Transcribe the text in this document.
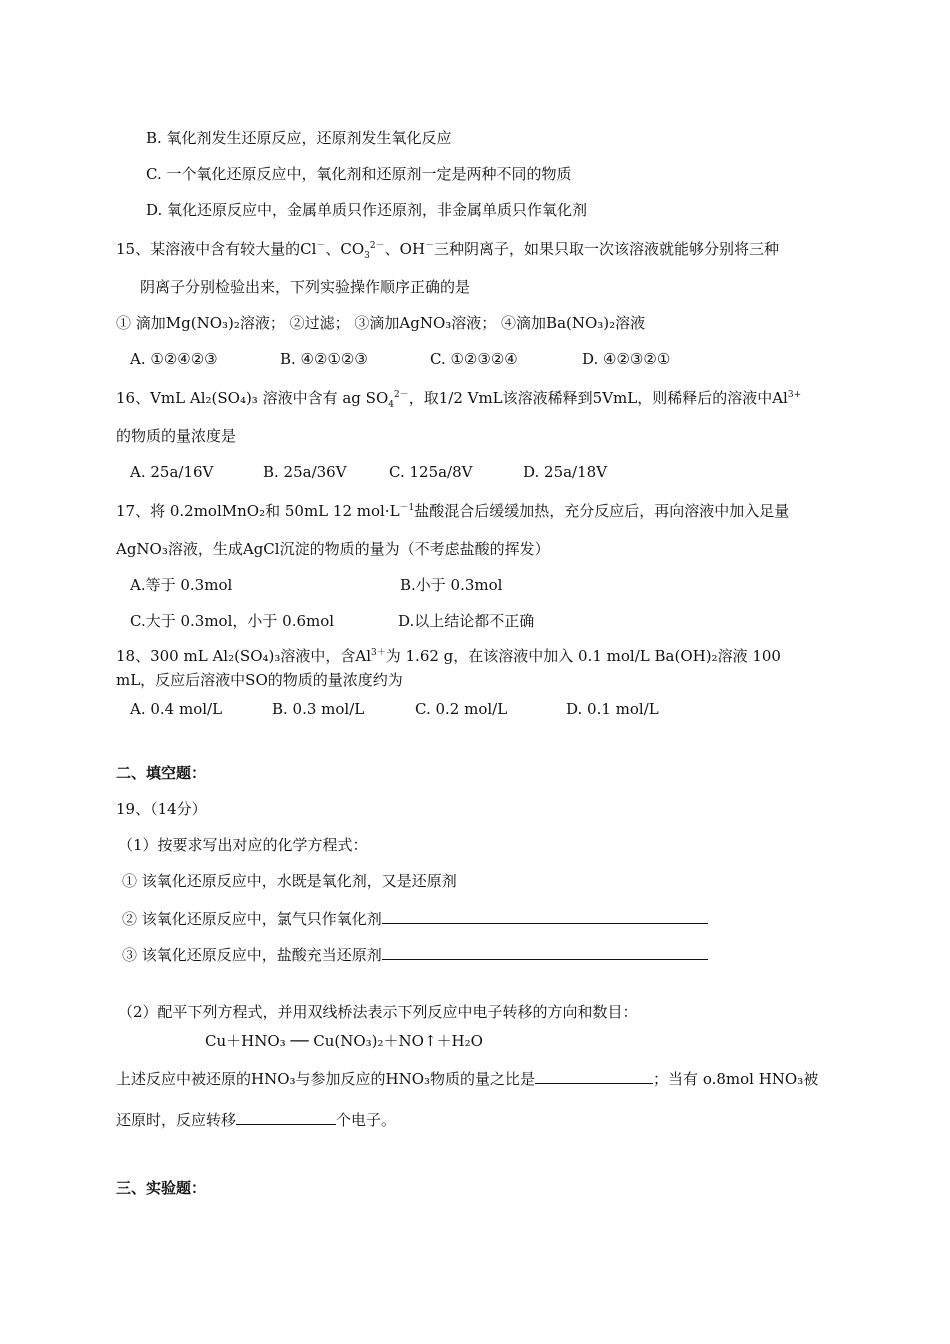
B. 氧化剂发生还原反应，还原剂发生氧化反应
C. 一个氧化还原反应中，氧化剂和还原剂一定是两种不同的物质
D. 氧化还原反应中，金属单质只作还原剂，非金属单质只作氧化剂
15、某溶液中含有较大量的Cl－、$CO_3^{2-}$、OH－三种阴离子，如果只取一次该溶液就能够分别将三种
阴离子分别检验出来，下列实验操作顺序正确的是
① 滴加Mg(NO₃)₂溶液； ②过滤； ③滴加AgNO₃溶液； ④滴加Ba(NO₃)₂溶液
A. ①②④②③	B. ④②①②③	C. ①②③②④	D. ④②③②①
16、VmL Al₂(SO₄)₃ 溶液中含有 ag $SO_4^{2-}$，取1/2 VmL该溶液稀释到5VmL，则稀释后的溶液中$Al^{3+}$
的物质的量浓度是
A. 25a/16V	B. 25a/36V	C. 125a/8V	D. 25a/18V
17、将 0.2molMnO₂和 50mL 12 $mol\cdot L^{-1}$盐酸混合后缓缓加热，充分反应后，再向溶液中加入足量
AgNO₃溶液，生成AgCl沉淀的物质的量为（不考虑盐酸的挥发）
A.等于 0.3mol	B.小于 0.3mol
C.大于 0.3mol，小于 0.6mol	D.以上结论都不正确
18、300 mL Al₂(SO₄)₃溶液中，含$Al^{3+}$为 1.62 g，在该溶液中加入 0.1 mol/L Ba(OH)₂溶液 100
mL，反应后溶液中SO的物质的量浓度约为
A. 0.4 mol/L	B. 0.3 mol/L	C. 0.2 mol/L	D. 0.1 mol/L
二、填空题：
19、（14分）
（1）按要求写出对应的化学方程式：
① 该氧化还原反应中，水既是氧化剂，又是还原剂
② 该氧化还原反应中，氯气只作氧化剂
③ 该氧化还原反应中，盐酸充当还原剂
（2）配平下列方程式，并用双线桥法表示下列反应中电子转移的方向和数目：
Cu＋HNO₃ ── Cu(NO₃)₂＋NO↑＋H₂O
上述反应中被还原的HNO₃与参加反应的HNO₃物质的量之比是	；当有 o.8mol HNO₃被
还原时，反应转移	个电子。
三、实验题：
